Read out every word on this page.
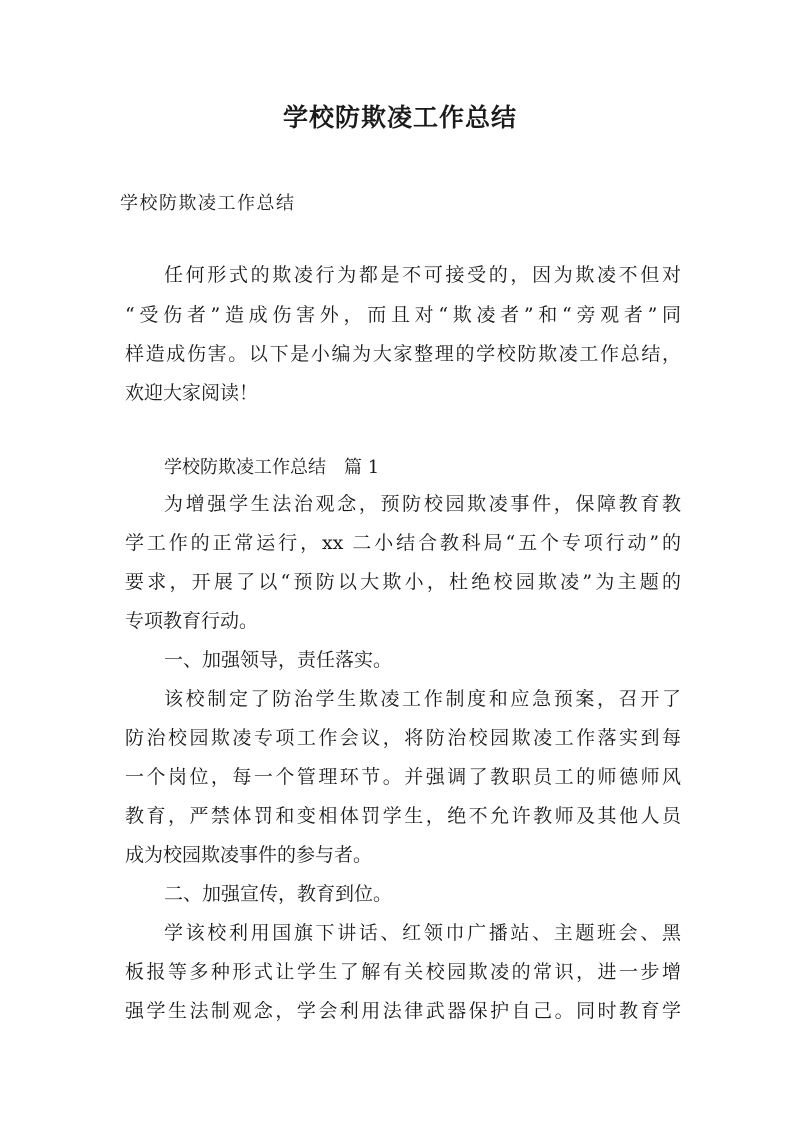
学校防欺凌工作总结
学校防欺凌工作总结
任何形式的欺凌行为都是不可接受的，因为欺凌不但对
“受伤者”造成伤害外，而且对“欺凌者”和“旁观者”同
样造成伤害。以下是小编为大家整理的学校防欺凌工作总结，
欢迎大家阅读！
学校防欺凌工作总结　篇 1
为增强学生法治观念，预防校园欺凌事件，保障教育教
学工作的正常运行，xx 二小结合教科局“五个专项行动”的
要求，开展了以“预防以大欺小，杜绝校园欺凌”为主题的
专项教育行动。
一、加强领导，责任落实。
该校制定了防治学生欺凌工作制度和应急预案，召开了
防治校园欺凌专项工作会议，将防治校园欺凌工作落实到每
一个岗位，每一个管理环节。并强调了教职员工的师德师风
教育，严禁体罚和变相体罚学生，绝不允许教师及其他人员
成为校园欺凌事件的参与者。
二、加强宣传，教育到位。
学该校利用国旗下讲话、红领巾广播站、主题班会、黑
板报等多种形式让学生了解有关校园欺凌的常识，进一步增
强学生法制观念，学会利用法律武器保护自己。同时教育学
